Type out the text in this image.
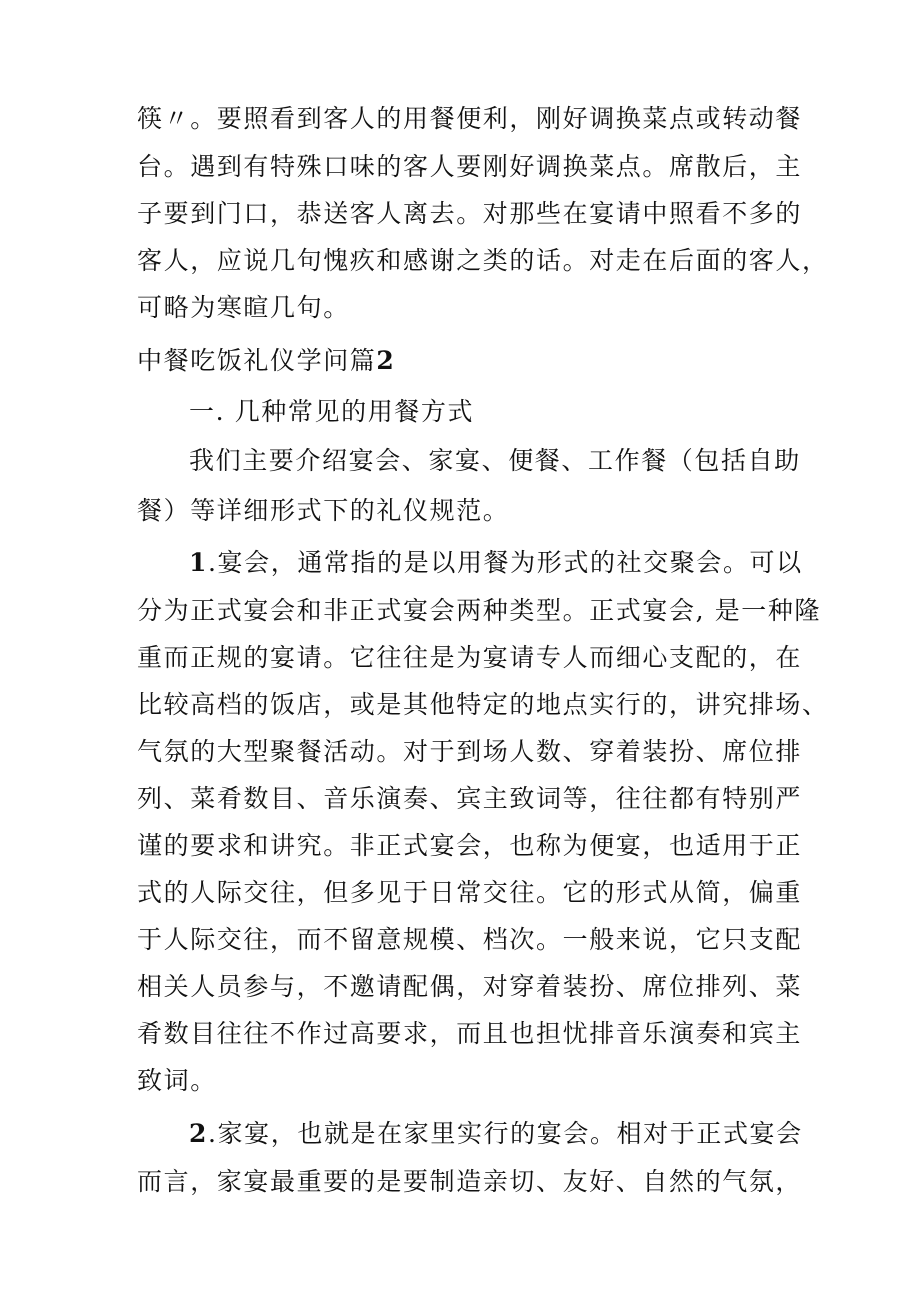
筷〃。要照看到客人的用餐便利，刚好调换菜点或转动餐
台。遇到有特殊口味的客人要刚好调换菜点。席散后，主
子要到门口，恭送客人离去。对那些在宴请中照看不多的
客人，应说几句愧疚和感谢之类的话。对走在后面的客人，
可略为寒暄几句。
中餐吃饭礼仪学问篇2
一. 几种常见的用餐方式
我们主要介绍宴会、家宴、便餐、工作餐（包括自助
餐）等详细形式下的礼仪规范。
1.宴会，通常指的是以用餐为形式的社交聚会。可以
分为正式宴会和非正式宴会两种类型。正式宴会, 是一种隆
重而正规的宴请。它往往是为宴请专人而细心支配的，在
比较高档的饭店，或是其他特定的地点实行的，讲究排场、
气氛的大型聚餐活动。对于到场人数、穿着装扮、席位排
列、菜肴数目、音乐演奏、宾主致词等，往往都有特别严
谨的要求和讲究。非正式宴会，也称为便宴，也适用于正
式的人际交往，但多见于日常交往。它的形式从简，偏重
于人际交往，而不留意规模、档次。一般来说，它只支配
相关人员参与，不邀请配偶，对穿着装扮、席位排列、菜
肴数目往往不作过高要求，而且也担忧排音乐演奏和宾主
致词。
2.家宴，也就是在家里实行的宴会。相对于正式宴会
而言，家宴最重要的是要制造亲切、友好、自然的气氛，
